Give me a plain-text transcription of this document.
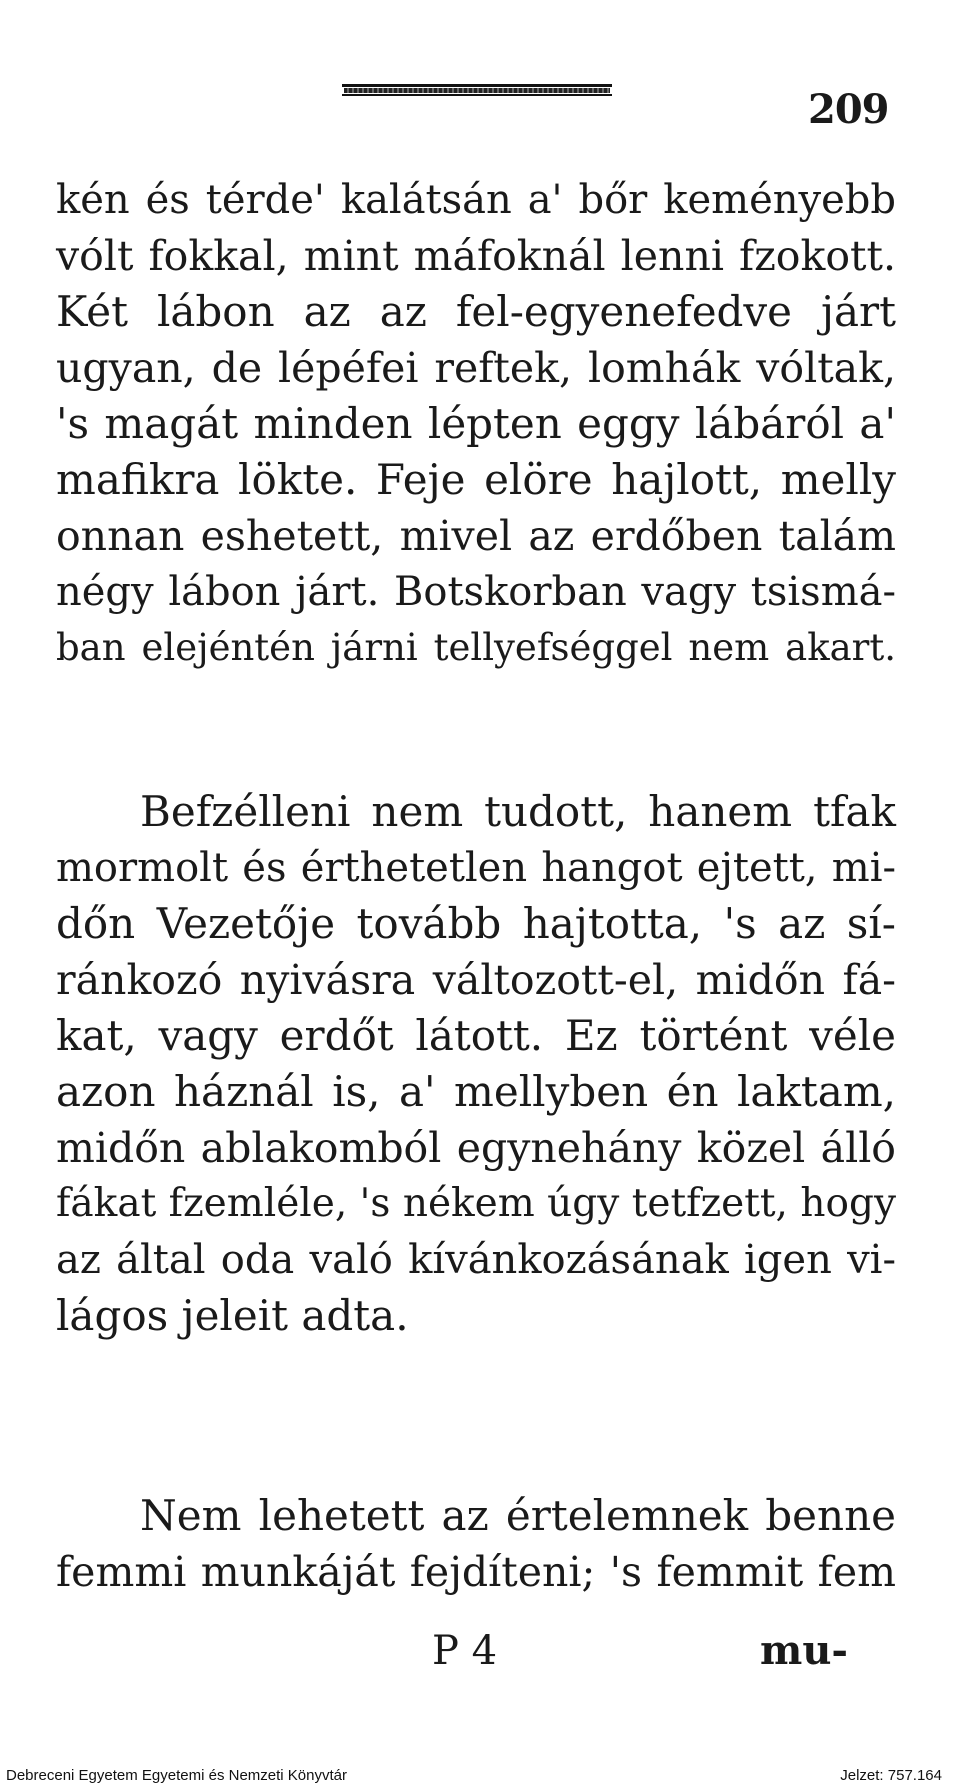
209
kén és térde' kalátsán a' bőr keményebb
vólt fokkal, mint máfoknál lenni fzokott.
Két lábon az az fel-egyenefedve járt
ugyan, de lépéfei reftek, lomhák vóltak,
's magát minden lépten eggy lábáról a'
mafikra lökte. Feje elöre hajlott, melly
onnan eshetett, mivel az erdőben talám
négy lábon járt. Botskorban vagy tsismá-
ban elejéntén járni tellyefséggel nem akart.
Befzélleni nem tudott, hanem tfak
mormolt és érthetetlen hangot ejtett, mi-
dőn Vezetője tovább hajtotta, 's az sí-
ránkozó nyivásra változott-el, midőn fá-
kat, vagy erdőt látott. Ez történt véle
azon háznál is, a' mellyben én laktam,
midőn ablakomból egynehány közel álló
fákat fzemléle, 's nékem úgy tetfzett, hogy
az által oda való kívánkozásának igen vi-
lágos jeleit adta.
Nem lehetett az értelemnek benne
femmi munkáját fejdíteni; 's femmit fem
P 4	mu-
Debreceni Egyetem Egyetemi és Nemzeti Könyvtár	Jelzet: 757.164
